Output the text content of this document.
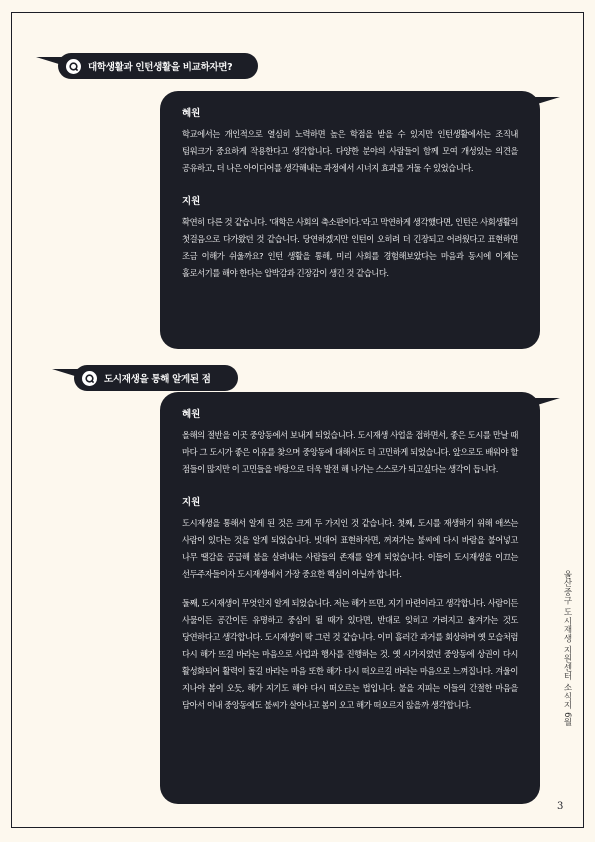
대학생활과 인턴생활을 비교하자면?

혜원

학교에서는 개인적으로 열심히 노력하면 높은 학점을 받을 수 있지만 인턴생활에서는 조직내 팀워크가 중요하게 작용한다고 생각합니다. 다양한 분야의 사람들이 함께 모여 개성있는 의견을 공유하고, 더 나은 아이디어를 생각해내는 과정에서 시너지 효과를 거둘 수 있었습니다.

지원

확연히 다른 것 같습니다. '대학은 사회의 축소판이다.'라고 막연하게 생각했다면, 인턴은 사회생활의 첫걸음으로 다가왔던 것 같습니다. 당연하겠지만 인턴이 오히려 더 긴장되고 어려웠다고 표현하면 조금 이해가 쉬울까요? 인턴 생활을 통해, 미리 사회를 경험해보았다는 마음과 동시에 이제는 홀로서기를 해야 한다는 압박감과 긴장감이 생긴 것 같습니다.

도시재생을 통해 알게된 점

혜원

올해의 절반을 이곳 중앙동에서 보내게 되었습니다. 도시재생 사업을 접하면서, 좋은 도시를 만날 때 마다 그 도시가 좋은 이유를 찾으며 중앙동에 대해서도 더 고민하게 되었습니다. 앞으로도 배워야 할 점들이 많지만 이 고민들을 바탕으로 더욱 발전 해 나가는 스스로가 되고싶다는 생각이 듭니다.

지원

도시재생을 통해서 알게 된 것은 크게 두 가지인 것 같습니다. 첫째, 도시를 재생하기 위해 애쓰는 사람이 있다는 것을 알게 되었습니다. 빗대어 표현하자면, 꺼져가는 불씨에 다시 바람을 불어넣고 나무 땔감을 공급해 불을 살려내는 사람들의 존재를 알게 되었습니다. 이들이 도시재생을 이끄는 선두주자들이자 도시재생에서 가장 중요한 핵심이 아닐까 합니다.

둘째, 도시재생이 무엇인지 알게 되었습니다. 저는 해가 뜨면, 지기 마련이라고 생각합니다. 사람이든 사물이든 공간이든 유명하고 중심이 될 때가 있다면, 반대로 잊히고 가려지고 옮겨가는 것도 당연하다고 생각합니다. 도시재생이 딱 그런 것 같습니다. 이미 흘러간 과거를 회상하며 옛 모습처럼 다시 해가 뜨길 바라는 마음으로 사업과 행사를 진행하는 것. 옛 시가지였던 중앙동에 상권이 다시 활성화되어 활력이 돌길 바라는 마음 또한 해가 다시 떠오르길 바라는 마음으로 느껴집니다. 겨울이 지나야 봄이 오듯, 해가 지기도 해야 다시 떠오르는 법입니다. 불을 지피는 이들의 간절한 마음을 담아서 이내 중앙동에도 불씨가 살아나고 봄이 오고 해가 떠오르지 않을까 생각합니다.	울산중구 도시재생 지원센터 소식지 6월
3
